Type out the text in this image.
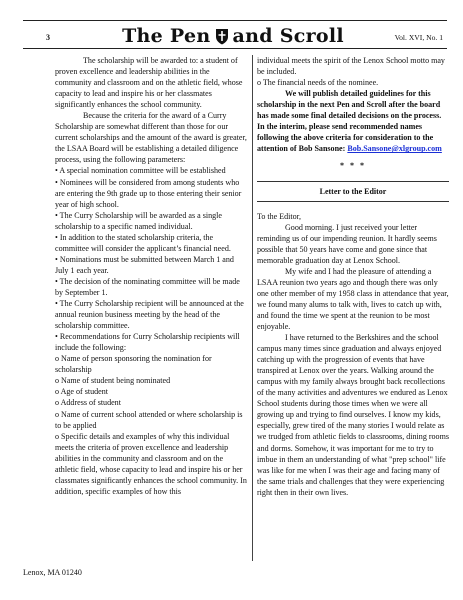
3	The Pen and Scroll	Vol. XVI, No. 1

The scholarship will be awarded to: a student of proven excellence and leadership abilities in the community and classroom and on the athletic field, whose capacity to lead and inspire his or her classmates significantly enhances the school community.

Because the criteria for the award of a Curry Scholarship are somewhat different than those for our current scholarships and the amount of the award is greater, the LSAA Board will be establishing a detailed diligence process, using the following parameters:

• A special nomination committee will be established

• Nominees will be considered from among students who are entering the 9th grade up to those entering their senior year of high school.

• The Curry Scholarship will be awarded as a single scholarship to a specific named individual.

• In addition to the stated scholarship criteria, the committee will consider the applicant’s financial need.

• Nominations must be submitted between March 1 and July 1 each year.

• The decision of the nominating committee will be made by September 1.

• The Curry Scholarship recipient will be announced at the annual reunion business meeting by the head of the scholarship committee.

• Recommendations for Curry Scholarship recipients will include the following:

o Name of person sponsoring the nomination for scholarship

o Name of student being nominated

o Age of student

o Address of student

o Name of current school attended or where scholarship is to be applied

o Specific details and examples of why this individual meets the criteria of proven excellence and leadership abilities in the community and classroom and on the athletic field, whose capacity to lead and inspire his or her classmates significantly enhances the school community. In addition, specific examples of how this

individual meets the spirit of the Lenox School motto may be included.

o The financial needs of the nominee.

We will publish detailed guidelines for this scholarship in the next Pen and Scroll after the board has made some final detailed decisions on the process. In the interim, please send recommended names following the above criteria for consideration to the attention of Bob Sansone: Bob.Sansone@xlgroup.com

* * *

Letter to the Editor

To the Editor,

Good morning. I just received your letter reminding us of our impending reunion. It hardly seems possible that 50 years have come and gone since that memorable graduation day at Lenox School.

My wife and I had the pleasure of attending a LSAA reunion two years ago and though there was only one other member of my 1958 class in attendance that year, we found many alums to talk with, lives to catch up with, and found the time we spent at the reunion to be most enjoyable.

I have returned to the Berkshires and the school campus many times since graduation and always enjoyed catching up with the progression of events that have transpired at Lenox over the years. Walking around the campus with my family always brought back recollections of the many activities and adventures we endured as Lenox School students during those times when we were all growing up and trying to find ourselves. I know my kids, especially, grew tired of the many stories I would relate as we trudged from athletic fields to classrooms, dining rooms and dorms. Somehow, it was important for me to try to imbue in them an understanding of what "prep school" life was like for me when I was their age and facing many of the same trials and challenges that they were experiencing right then in their own lives.

Lenox, MA 01240
